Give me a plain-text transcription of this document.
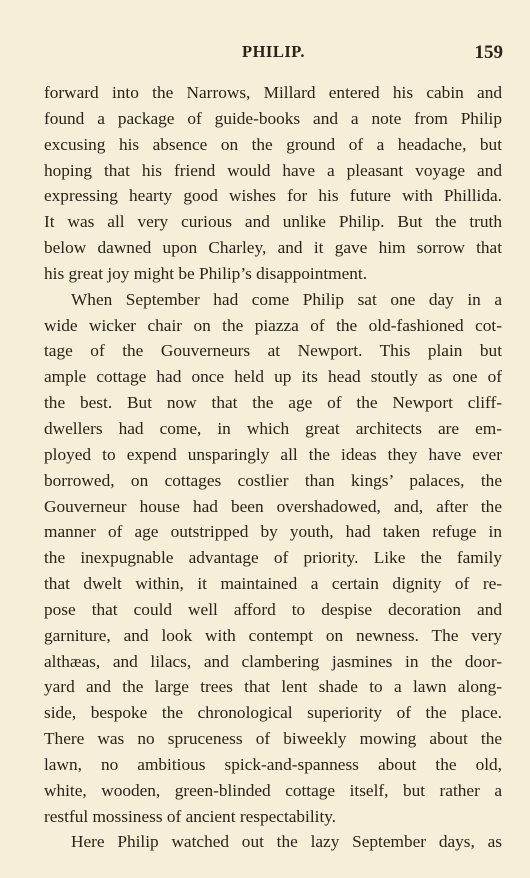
PHILIP.	159
forward into the Narrows, Millard entered his cabin and
found a package of guide-books and a note from Philip
excusing his absence on the ground of a headache, but
hoping that his friend would have a pleasant voyage and
expressing hearty good wishes for his future with Phillida.
It was all very curious and unlike Philip. But the truth
below dawned upon Charley, and it gave him sorrow that
his great joy might be Philip’s disappointment.
When September had come Philip sat one day in a
wide wicker chair on the piazza of the old-fashioned cot-
tage of the Gouverneurs at Newport. This plain but
ample cottage had once held up its head stoutly as one of
the best. But now that the age of the Newport cliff-
dwellers had come, in which great architects are em-
ployed to expend unsparingly all the ideas they have ever
borrowed, on cottages costlier than kings’ palaces, the
Gouverneur house had been overshadowed, and, after the
manner of age outstripped by youth, had taken refuge in
the inexpugnable advantage of priority. Like the family
that dwelt within, it maintained a certain dignity of re-
pose that could well afford to despise decoration and
garniture, and look with contempt on newness. The very
althæas, and lilacs, and clambering jasmines in the door-
yard and the large trees that lent shade to a lawn along-
side, bespoke the chronological superiority of the place.
There was no spruceness of biweekly mowing about the
lawn, no ambitious spick-and-spanness about the old,
white, wooden, green-blinded cottage itself, but rather a
restful mossiness of ancient respectability.
Here Philip watched out the lazy September days, as
